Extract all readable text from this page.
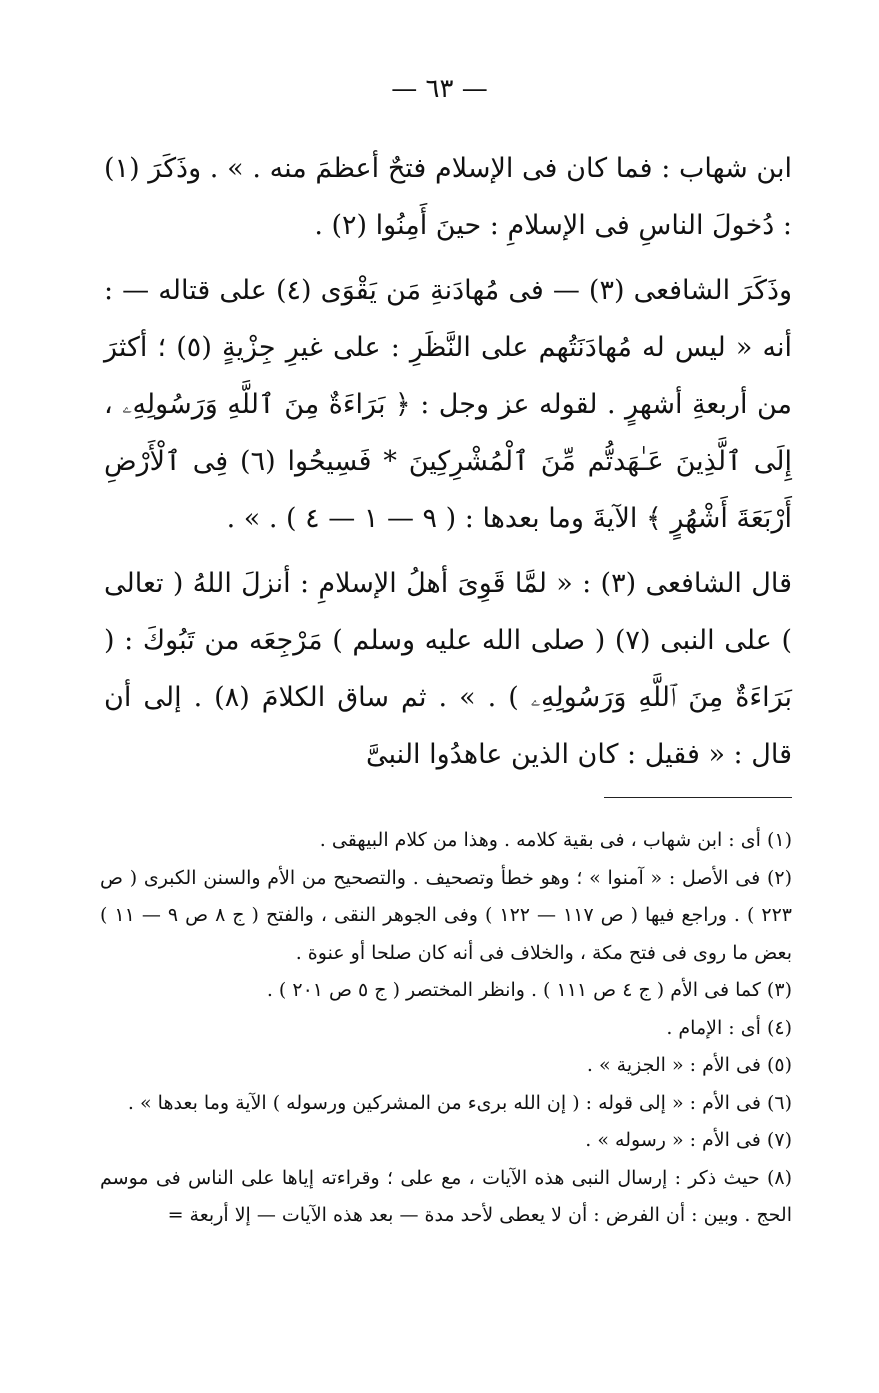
— ٦٣ —

ابن شهاب : فما كان فى الإسلام فتحٌ أعظمَ منه . » . وذَكَرَ (١) : دُخولَ الناسِ فى الإسلامِ : حينَ أَمِنُوا (٢) .

وذَكَرَ الشافعى (٣) — فى مُهادَنةِ مَن يَقْوَى (٤) على قتاله — : أنه « ليس له مُهادَنَتُهم على النَّظَرِ : على غيرِ جِزْيةٍ (٥) ؛ أكثرَ من أربعةِ أشهرٍ . لقوله عز وجل : ﴿ بَرَاءَةٌ مِنَ ٱللَّهِ وَرَسُولِهِۦ ، إِلَى ٱلَّذِينَ عَـٰهَدتُّم مِّنَ ٱلْمُشْرِكِينَ * فَسِيحُوا (٦) فِى ٱلْأَرْضِ أَرْبَعَةَ أَشْهُرٍ ﴾ الآيةَ وما بعدها : ( ٩ — ١ — ٤ ) . » .

قال الشافعى (٣) : « لمَّا قَوِىَ أهلُ الإسلامِ : أنزلَ اللهُ ( تعالى ) على النبى (٧) ( صلى الله عليه وسلم ) مَرْجِعَه من تَبُوكَ : ( بَرَاءَةٌ مِنَ ٱللَّهِ وَرَسُولِهِۦ ) . » . ثم ساق الكلامَ (٨) . إلى أن قال : « فقيل : كان الذين عاهدُوا النبىَّ

(١) أى : ابن شهاب ، فى بقية كلامه . وهذا من كلام البيهقى .

(٢) فى الأصل : « آمنوا » ؛ وهو خطأ وتصحيف . والتصحيح من الأم والسنن الكبرى ( ص ٢٢٣ ) . وراجع فيها ( ص ١١٧ — ١٢٢ ) وفى الجوهر النقى ، والفتح ( ج ٨ ص ٩ — ١١ ) بعض ما روى فى فتح مكة ، والخلاف فى أنه كان صلحا أو عنوة .

(٣) كما فى الأم ( ج ٤ ص ١١١ ) . وانظر المختصر ( ج ٥ ص ٢٠١ ) .

(٤) أى : الإمام .

(٥) فى الأم : « الجزية » .

(٦) فى الأم : « إلى قوله : ( إن الله برىء من المشركين ورسوله ) الآية وما بعدها » .

(٧) فى الأم : « رسوله » .

(٨) حيث ذكر : إرسال النبى هذه الآيات ، مع على ؛ وقراءته إياها على الناس فى موسم الحج . وبين : أن الفرض : أن لا يعطى لأحد مدة — بعد هذه الآيات — إلا أربعة =
